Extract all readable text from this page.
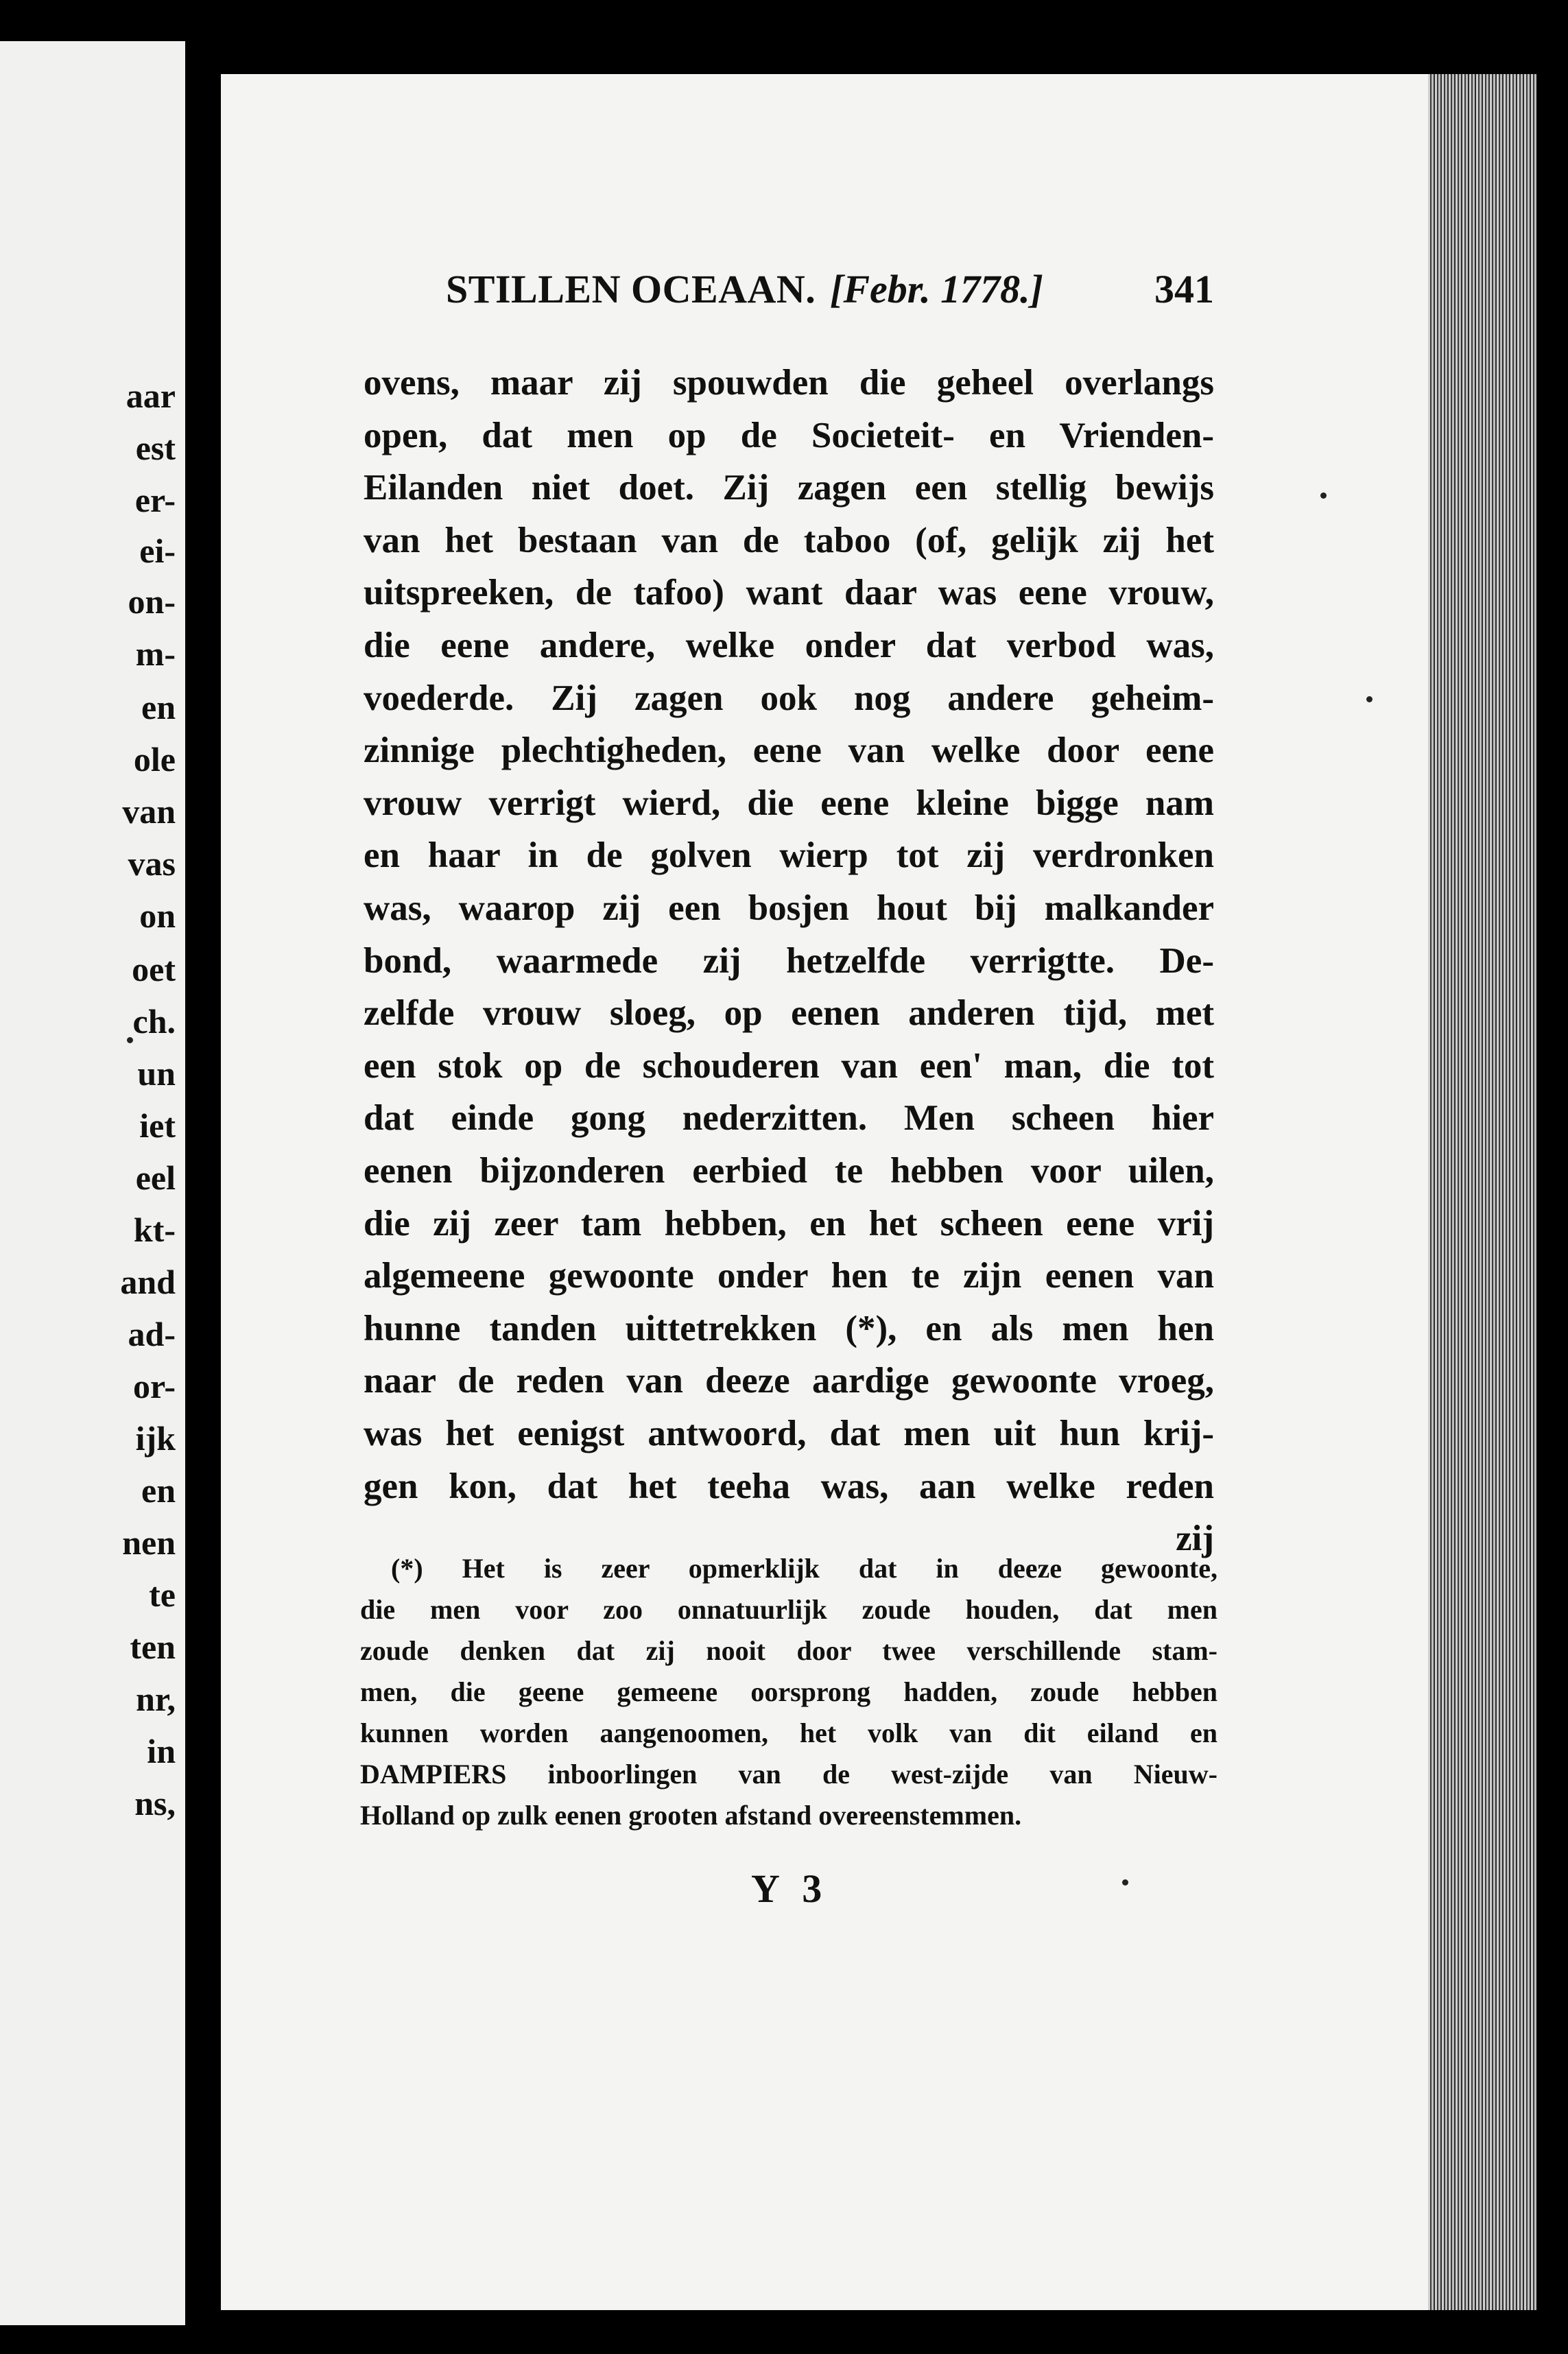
aar
est
er-
ei-
on-
m-
en
ole
van
vas
on
oet
ch.
un
iet
eel
kt-
and
ad-
or-
ijk
en
nen
te
ten
nr,
in
ns,
STILLEN OCEAAN. [Febr. 1778.]	341
ovens, maar zij spouwden die geheel overlangs
open, dat men op de Societeit- en Vrienden-
Eilanden niet doet. Zij zagen een stellig bewijs
van het bestaan van de taboo (of, gelijk zij het
uitspreeken, de tafoo) want daar was eene vrouw,
die eene andere, welke onder dat verbod was,
voederde. Zij zagen ook nog andere geheim-
zinnige plechtigheden, eene van welke door eene
vrouw verrigt wierd, die eene kleine bigge nam
en haar in de golven wierp tot zij verdronken
was, waarop zij een bosjen hout bij malkander
bond, waarmede zij hetzelfde verrigtte. De-
zelfde vrouw sloeg, op eenen anderen tijd, met
een stok op de schouderen van een' man, die tot
dat einde gong nederzitten. Men scheen hier
eenen bijzonderen eerbied te hebben voor uilen,
die zij zeer tam hebben, en het scheen eene vrij
algemeene gewoonte onder hen te zijn eenen van
hunne tanden uittetrekken (*), en als men hen
naar de reden van deeze aardige gewoonte vroeg,
was het eenigst antwoord, dat men uit hun krij-
gen kon, dat het teeha was, aan welke reden
zij
(*) Het is zeer opmerklijk dat in deeze gewoonte,
die men voor zoo onnatuurlijk zoude houden, dat men
zoude denken dat zij nooit door twee verschillende stam-
men, die geene gemeene oorsprong hadden, zoude hebben
kunnen worden aangenoomen, het volk van dit eiland en
DAMPIERS inboorlingen van de west-zijde van Nieuw-
Holland op zulk eenen grooten afstand overeenstemmen.
Y 3
